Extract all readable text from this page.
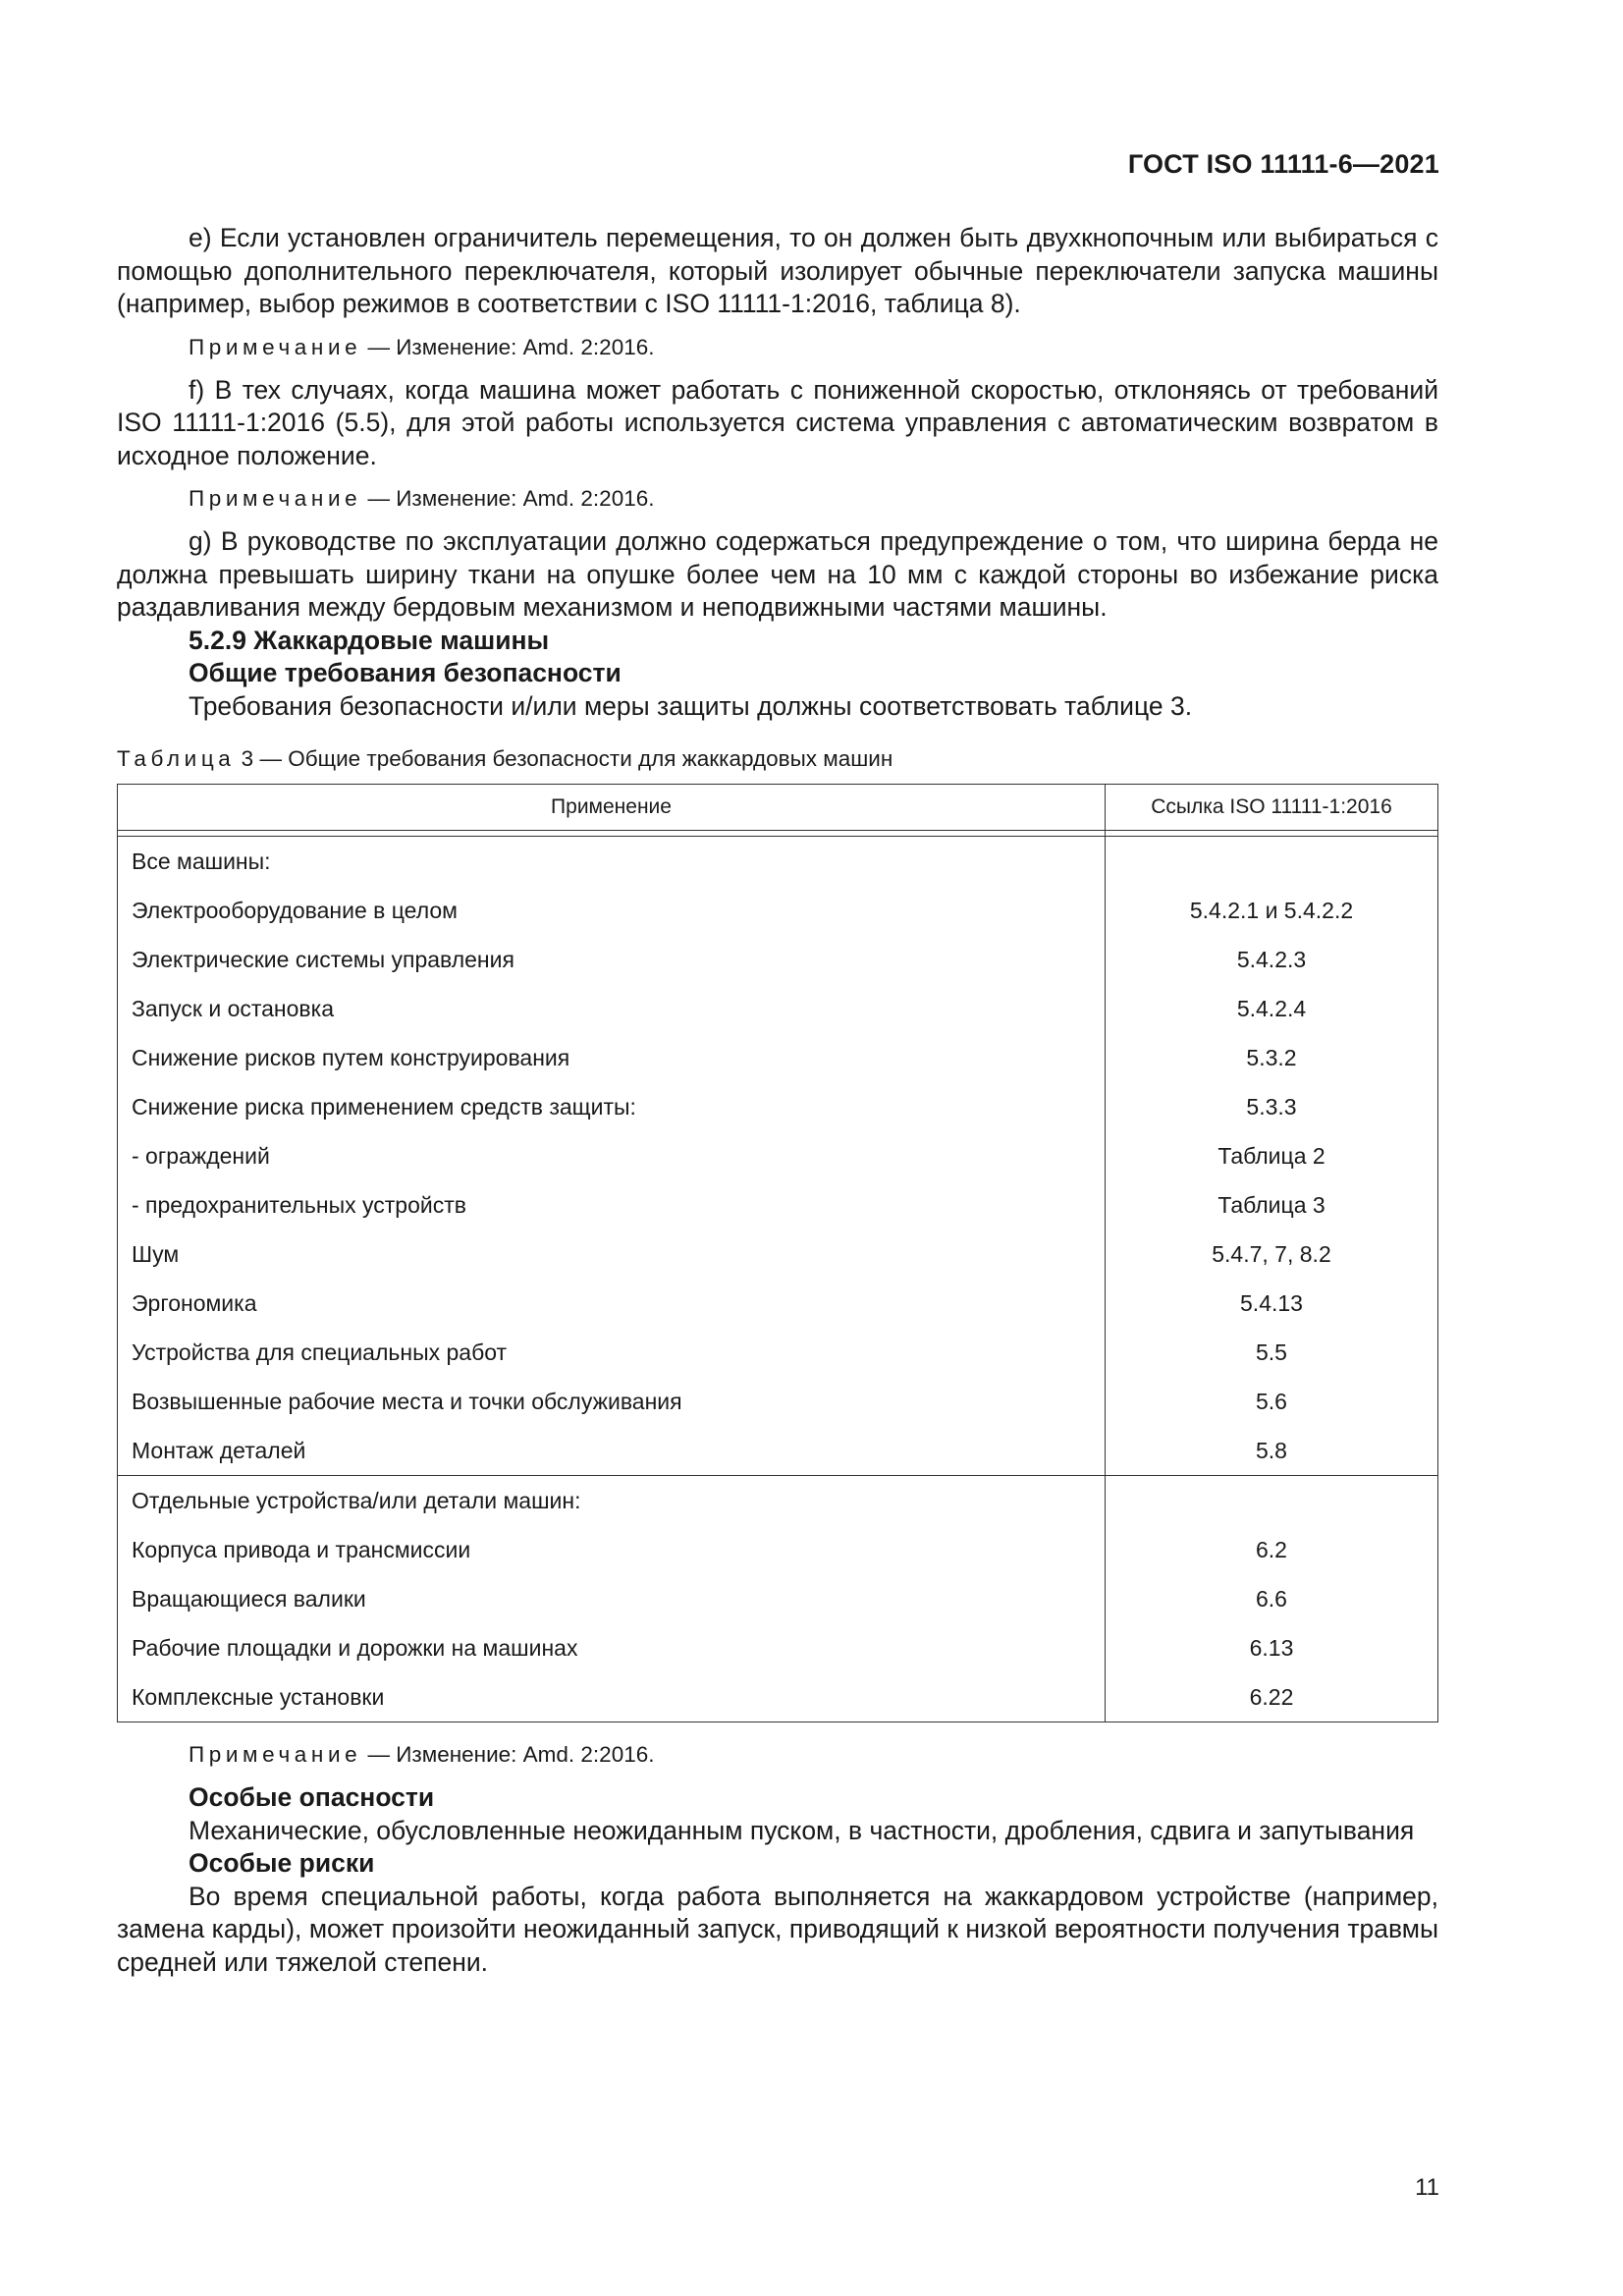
ГОСТ ISO 11111-6—2021

е) Если установлен ограничитель перемещения, то он должен быть двухкнопочным или выбираться с помощью дополнительного переключателя, который изолирует обычные переключатели запуска машины (например, выбор режимов в соответствии с ISO 11111-1:2016, таблица 8).

Примечание — Изменение: Amd. 2:2016.

f) В тех случаях, когда машина может работать с пониженной скоростью, отклоняясь от требований ISO 11111-1:2016 (5.5), для этой работы используется система управления с автоматическим возвратом в исходное положение.

Примечание — Изменение: Amd. 2:2016.

g) В руководстве по эксплуатации должно содержаться предупреждение о том, что ширина берда не должна превышать ширину ткани на опушке более чем на 10 мм с каждой стороны во избежание риска раздавливания между бердовым механизмом и неподвижными частями машины.

5.2.9 Жаккардовые машины

Общие требования безопасности

Требования безопасности и/или меры защиты должны соответствовать таблице 3.

Таблица 3 — Общие требования безопасности для жаккардовых машин

Применение	Ссылка ISO 11111-1:2016

Все машины:	
Электрооборудование в целом	5.4.2.1 и 5.4.2.2
Электрические системы управления	5.4.2.3
Запуск и остановка	5.4.2.4
Снижение рисков путем конструирования	5.3.2
Снижение риска применением средств защиты:	5.3.3
- ограждений	Таблица 2
- предохранительных устройств	Таблица 3
Шум	5.4.7, 7, 8.2
Эргономика	5.4.13
Устройства для специальных работ	5.5
Возвышенные рабочие места и точки обслуживания	5.6
Монтаж деталей	5.8
Отдельные устройства/или детали машин:	
Корпуса привода и трансмиссии	6.2
Вращающиеся валики	6.6
Рабочие площадки и дорожки на машинах	6.13
Комплексные установки	6.22

Примечание — Изменение: Amd. 2:2016.

Особые опасности

Механические, обусловленные неожиданным пуском, в частности, дробления, сдвига и запутывания

Особые риски

Во время специальной работы, когда работа выполняется на жаккардовом устройстве (например, замена карды), может произойти неожиданный запуск, приводящий к низкой вероятности получения травмы средней или тяжелой степени.

11
